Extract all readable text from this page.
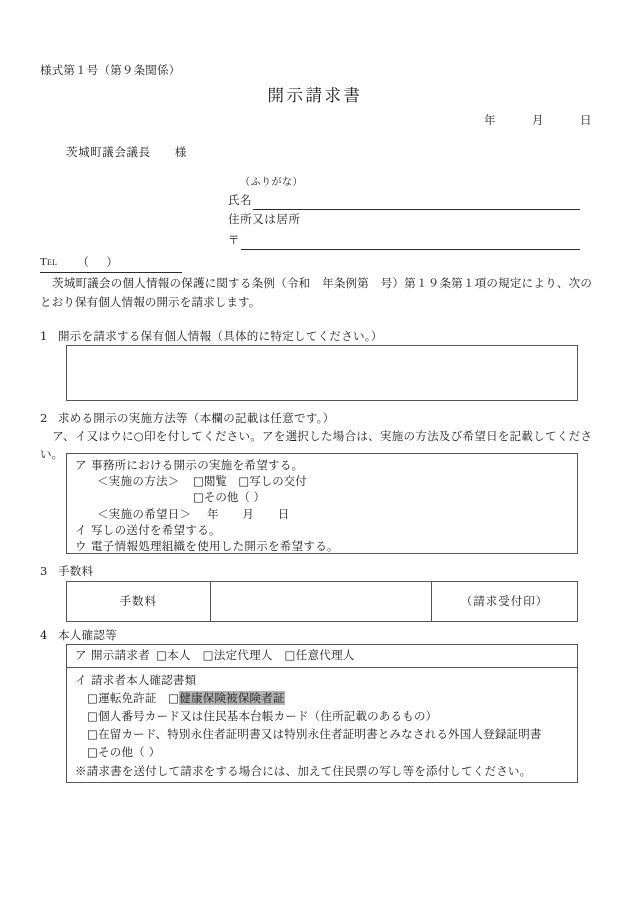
様式第１号（第９条関係）
開示請求書
年　　　月　　　日
茨城町議会議長　　様
（ふりがな）
氏名
住所又は居所
〒
Tel （　）
茨城町議会の個人情報の保護に関する条例（令和　年条例第　号）第１９条第１項の規定により、次のとおり保有個人情報の開示を請求します。
1 開示を請求する保有個人情報（具体的に特定してください。）
2 求める開示の実施方法等（本欄の記載は任意です。）
ア、イ又はウに○印を付してください。アを選択した場合は、実施の方法及び希望日を記載してください。
ア 事務所における開示の実施を希望する。
＜実施の方法＞ □閲覧　□写しの交付
□その他（ ）
＜実施の希望日＞ 年　　月　　日
イ 写しの送付を希望する。
ウ 電子情報処理組織を使用した開示を希望する。
3 手数料
手数料	（請求受付印）
4 本人確認等
ア 開示請求者 □本人　□法定代理人　□任意代理人
イ 請求者本人確認書類
□運転免許証　□健康保険被保険者証
□個人番号カード又は住民基本台帳カード（住所記載のあるもの）
□在留カード、特別永住者証明書又は特別永住者証明書とみなされる外国人登録証明書
□その他（ ）
※請求書を送付して請求をする場合には、加えて住民票の写し等を添付してください。
